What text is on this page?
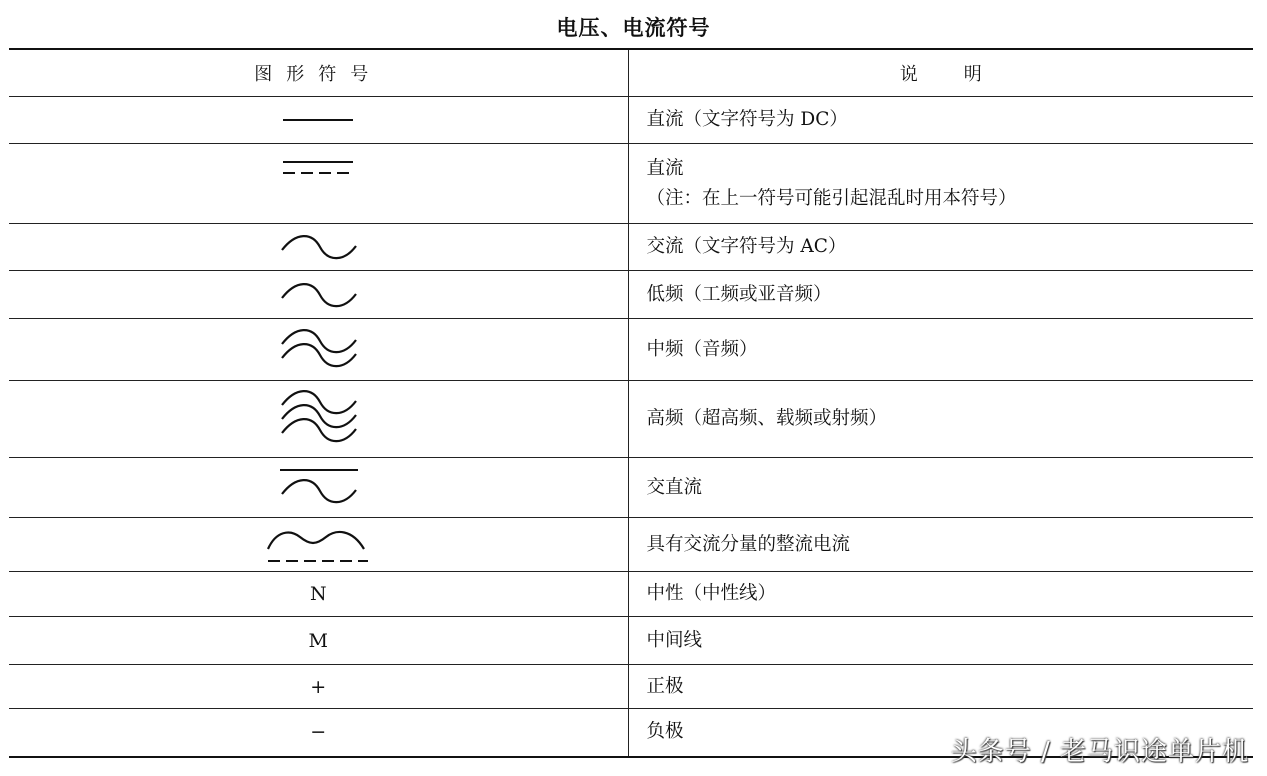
电压、电流符号
图形符号	说 明

直流（文字符号为 DC）

直流
（注：在上一符号可能引起混乱时用本符号）

交流（文字符号为 AC）

低频（工频或亚音频）

中频（音频）

高频（超高频、载频或射频）

交直流

具有交流分量的整流电流

N	中性（中性线）

M	中间线

+	正极

−	负极
头条号 / 老马识途单片机
